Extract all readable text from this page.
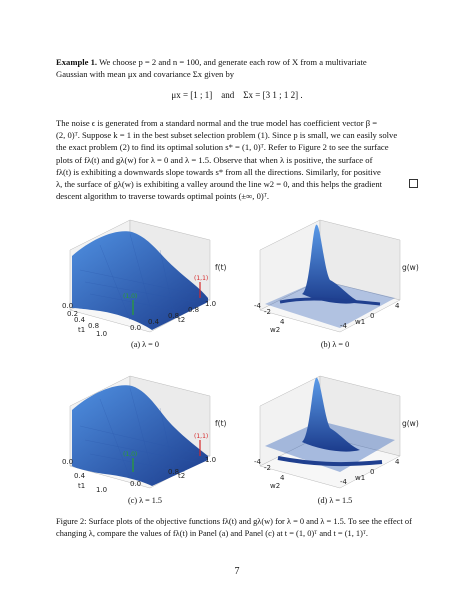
Example 1. We choose p = 2 and n = 100, and generate each row of X from a multivariate
Gaussian with mean μx and covariance Σx given by

μx = [1 ; 1] and Σx = [3 1 ; 1 2] .

The noise ϵ is generated from a standard normal and the true model has coefficient vector β =
(2, 0)ᵀ. Suppose k = 1 in the best subset selection problem (1). Since p is small, we can easily solve
the exact problem (2) to find its optimal solution s* = (1, 0)ᵀ. Refer to Figure 2 to see the surface
plots of fλ(t) and gλ(w) for λ = 0 and λ = 1.5. Observe that when λ is positive, the surface of
fλ(t) is exhibiting a downwards slope towards s* from all the directions. Similarly, for positive
λ, the surface of gλ(w) is exhibiting a valley around the line w2 = 0, and this helps the gradient
descent algorithm to traverse towards optimal points (±∞, 0)ᵀ.

(1,0)
(1,1)
0.0
0.2
0.4
0.8
1.0
0.0
0.4
0.8
0.8
1.0
f(t)
t1
t2
(a) λ = 0
-4
-2
4	-4
0
4
g(w)
w2
w1
(b) λ = 0
(1,0)
(1,1)
0.0
0.4
1.0
0.0
0.8
1.0
f(t)
t1
t2
(c) λ = 1.5
-4
-2
4	-4
0
4
g(w)
w2
w1
(d) λ = 1.5
Figure 2: Surface plots of the objective functions fλ(t) and gλ(w) for λ = 0 and λ = 1.5. To see the effect of
changing λ, compare the values of fλ(t) in Panel (a) and Panel (c) at t = (1, 0)ᵀ and t = (1, 1)ᵀ.
7
